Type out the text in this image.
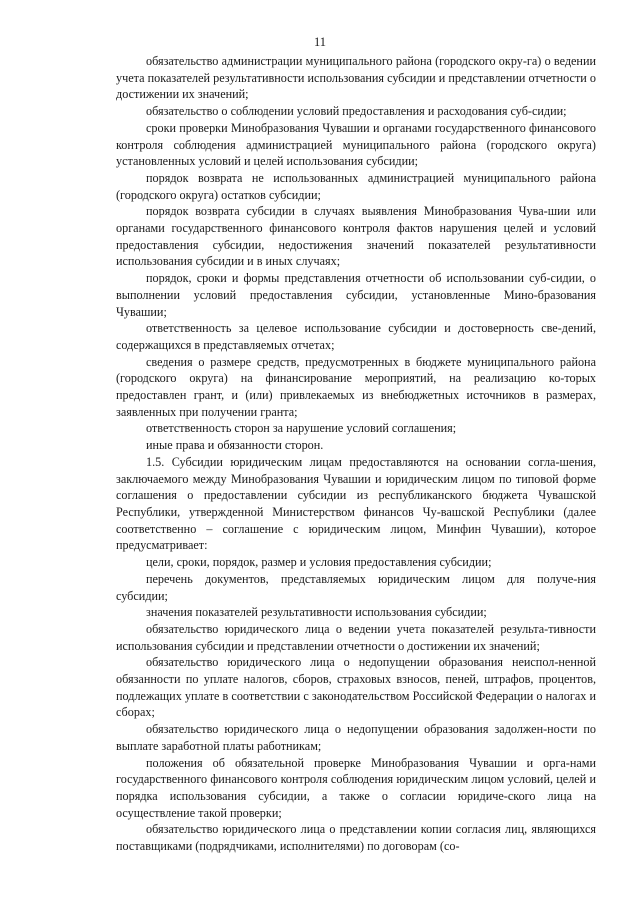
11

обязательство администрации муниципального района (городского окру-га) о ведении учета показателей результативности использования субсидии и представлении отчетности о достижении их значений;

обязательство о соблюдении условий предоставления и расходования суб-сидии;

сроки проверки Минобразования Чувашии и органами государственного финансового контроля соблюдения администрацией муниципального района (городского округа) установленных условий и целей использования субсидии;

порядок возврата не использованных администрацией муниципального района (городского округа) остатков субсидии;

порядок возврата субсидии в случаях выявления Минобразования Чува-шии или органами государственного финансового контроля фактов нарушения целей и условий предоставления субсидии, недостижения значений показателей результативности использования субсидии и в иных случаях;

порядок, сроки и формы представления отчетности об использовании суб-сидии, о выполнении условий предоставления субсидии, установленные Мино-бразования Чувашии;

ответственность за целевое использование субсидии и достоверность све-дений, содержащихся в представляемых отчетах;

сведения о размере средств, предусмотренных в бюджете муниципального района (городского округа) на финансирование мероприятий, на реализацию ко-торых предоставлен грант, и (или) привлекаемых из внебюджетных источников в размерах, заявленных при получении гранта;

ответственность сторон за нарушение условий соглашения;

иные права и обязанности сторон.

1.5. Субсидии юридическим лицам предоставляются на основании согла-шения, заключаемого между Минобразования Чувашии и юридическим лицом по типовой форме соглашения о предоставлении субсидии из республиканского бюджета Чувашской Республики, утвержденной Министерством финансов Чу-вашской Республики (далее соответственно – соглашение с юридическим лицом, Минфин Чувашии), которое предусматривает:

цели, сроки, порядок, размер и условия предоставления субсидии;

перечень документов, представляемых юридическим лицом для получе-ния субсидии;

значения показателей результативности использования субсидии;

обязательство юридического лица о ведении учета показателей результа-тивности использования субсидии и представлении отчетности о достижении их значений;

обязательство юридического лица о недопущении образования неиспол-ненной обязанности по уплате налогов, сборов, страховых взносов, пеней, штрафов, процентов, подлежащих уплате в соответствии с законодательством Российской Федерации о налогах и сборах;

обязательство юридического лица о недопущении образования задолжен-ности по выплате заработной платы работникам;

положения об обязательной проверке Минобразования Чувашии и орга-нами государственного финансового контроля соблюдения юридическим лицом условий, целей и порядка использования субсидии, а также о согласии юридиче-ского лица на осуществление такой проверки;

обязательство юридического лица о представлении копии согласия лиц, являющихся поставщиками (подрядчиками, исполнителями) по договорам (со-
